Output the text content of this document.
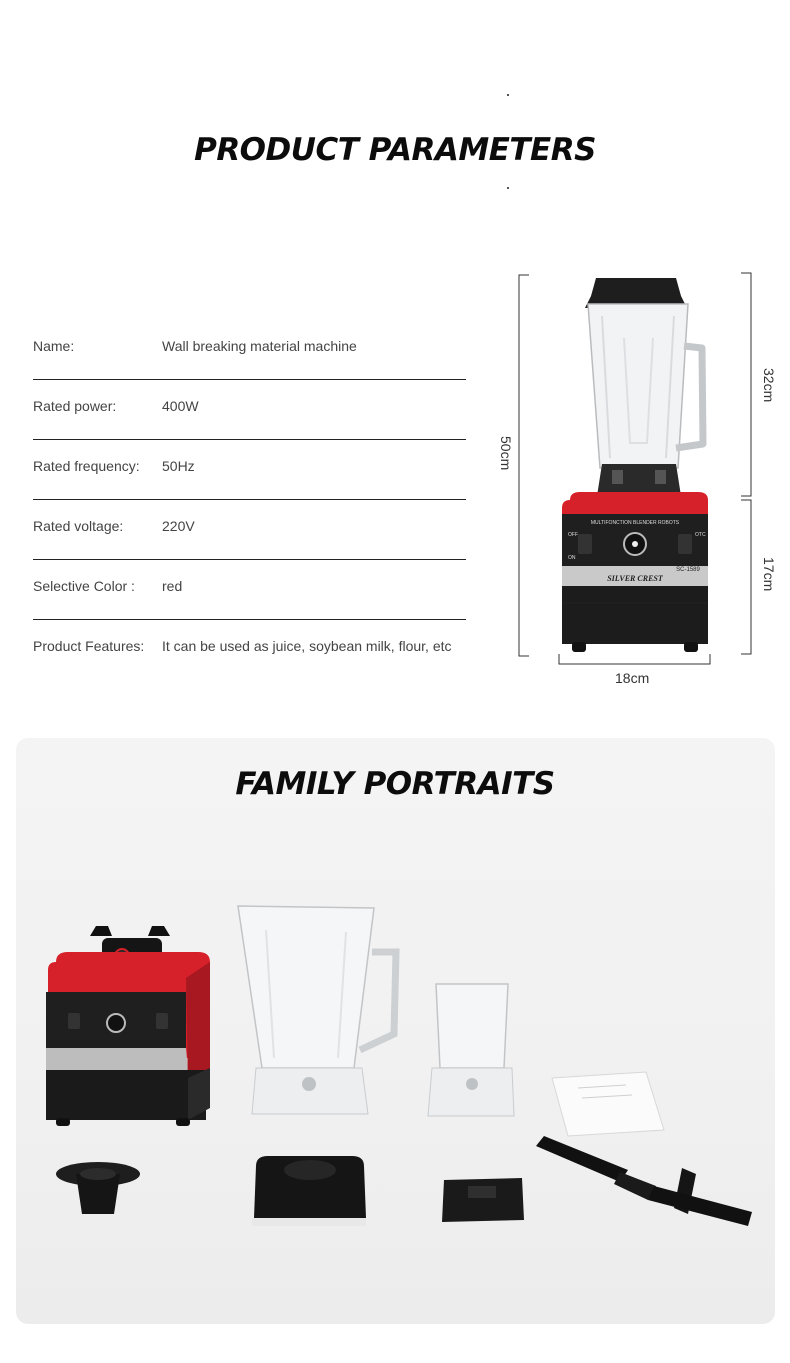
PRODUCT PARAMETERS
Name:	Wall breaking material machine
Rated power:	400W
Rated frequency: 50Hz
Rated voltage:	220V
Selective Color : red
Product Features: It can be used as juice, soybean milk, flour, etc
50cm
32cm
17cm
18cm
MULTIFONCTION BLENDER ROBOTS
OFF	OTC
ON
SILVER CREST
SC-1589
FAMILY PORTRAITS
